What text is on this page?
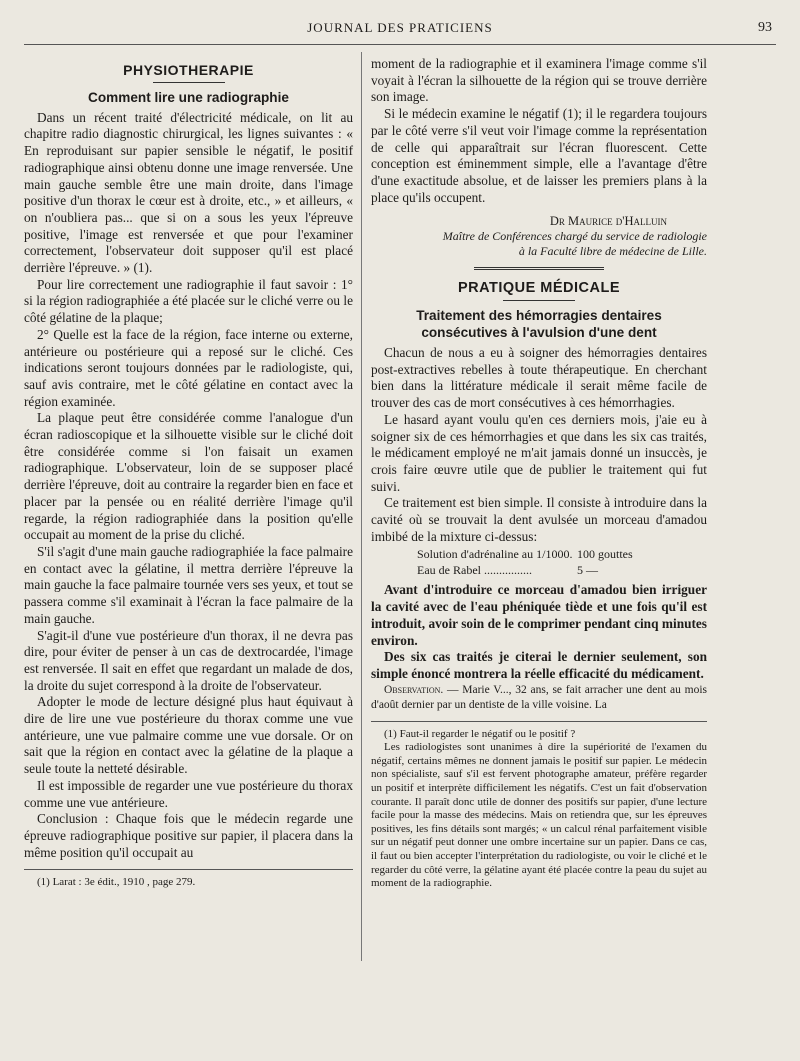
JOURNAL DES PRATICIENS	93
PHYSIOTHERAPIE
Comment lire une radiographie

Dans un récent traité d'électricité médicale, on lit au chapitre radio diagnostic chirurgical, les lignes suivantes : « En reproduisant sur papier sensible le négatif, le positif radiographique ainsi obtenu donne une image renversée. Une main gauche semble être une main droite, dans l'image positive d'un thorax le cœur est à droite, etc., » et ailleurs, « on n'oubliera pas... que si on a sous les yeux l'épreuve positive, l'image est renversée et que pour l'examiner correctement, l'observateur doit supposer qu'il est placé derrière l'épreuve. » (1).

Pour lire correctement une radiographie il faut savoir : 1° si la région radiographiée a été placée sur le cliché verre ou le côté gélatine de la plaque;

2° Quelle est la face de la région, face interne ou externe, antérieure ou postérieure qui a reposé sur le cliché. Ces indications seront toujours données par le radiologiste, qui, sauf avis contraire, met le côté gélatine en contact avec la région examinée.

La plaque peut être considérée comme l'analogue d'un écran radioscopique et la silhouette visible sur le cliché doit être considérée comme si l'on faisait un examen radiographique. L'observateur, loin de se supposer placé derrière l'épreuve, doit au contraire la regarder bien en face et placer par la pensée ou en réalité derrière l'image qu'il regarde, la région radiographiée dans la position qu'elle occupait au moment de la prise du cliché.

S'il s'agit d'une main gauche radiographiée la face palmaire en contact avec la gélatine, il mettra derrière l'épreuve la main gauche la face palmaire tournée vers ses yeux, et tout se passera comme s'il examinait à l'écran la face palmaire de la main gauche.

S'agit-il d'une vue postérieure d'un thorax, il ne devra pas dire, pour éviter de penser à un cas de dextrocardée, l'image est renversée. Il sait en effet que regardant un malade de dos, la droite du sujet correspond à la droite de l'observateur.

Adopter le mode de lecture désigné plus haut équivaut à dire de lire une vue postérieure du thorax comme une vue antérieure, une vue palmaire comme une vue dorsale. Or on sait que la région en contact avec la gélatine de la plaque a seule toute la netteté désirable.

Il est impossible de regarder une vue postérieure du thorax comme une vue antérieure.

Conclusion : Chaque fois que le médecin regarde une épreuve radiographique positive sur papier, il placera dans la même position qu'il occupait au

(1) Larat : 3e édit., 1910 , page 279.

moment de la radiographie et il examinera l'image comme s'il voyait à l'écran la silhouette de la région qui se trouve derrière son image.

Si le médecin examine le négatif (1); il le regardera toujours par le côté verre s'il veut voir l'image comme la représentation de celle qui apparaîtrait sur l'écran fluorescent. Cette conception est éminemment simple, elle a l'avantage d'être d'une exactitude absolue, et de laisser les premiers plans à la place qu'ils occupent.

Dr Maurice d'Halluin
Maître de Conférences chargé du service de radiologie
à la Faculté libre de médecine de Lille.
PRATIQUE MÉDICALE
Traitement des hémorragies dentaires
consécutives à l'avulsion d'une dent

Chacun de nous a eu à soigner des hémorragies dentaires post-extractives rebelles à toute thérapeutique. En cherchant bien dans la littérature médicale il serait même facile de trouver des cas de mort consécutives à ces hémorrhagies.

Le hasard ayant voulu qu'en ces derniers mois, j'aie eu à soigner six de ces hémorrhagies et que dans les six cas traités, le médicament employé ne m'ait jamais donné un insuccès, je crois faire œuvre utile que de publier le traitement qui fut suivi.

Ce traitement est bien simple. Il consiste à introduire dans la cavité où se trouvait la dent avulsée un morceau d'amadou imbibé de la mixture ci-dessus:

Solution d'adrénaline au 1/1000. 100 gouttes
Eau de Rabel ................	5 —

Avant d'introduire ce morceau d'amadou bien irriguer la cavité avec de l'eau phéniquée tiède et une fois qu'il est introduit, avoir soin de le comprimer pendant cinq minutes environ.

Des six cas traités je citerai le dernier seulement, son simple énoncé montrera la réelle efficacité du médicament.

Observation. — Marie V..., 32 ans, se fait arracher une dent au mois d'août dernier par un dentiste de la ville voisine. La

(1) Faut-il regarder le négatif ou le positif ?

Les radiologistes sont unanimes à dire la supériorité de l'examen du négatif, certains mêmes ne donnent jamais le positif sur papier. Le médecin non spécialiste, sauf s'il est fervent photographe amateur, préfère regarder un positif et interprète difficilement les négatifs. C'est un fait d'observation courante. Il paraît donc utile de donner des positifs sur papier, d'une lecture facile pour la masse des médecins. Mais on retiendra que, sur les épreuves positives, les fins détails sont margés; « un calcul rénal parfaitement visible sur un négatif peut donner une ombre incertaine sur un papier. Dans ce cas, il faut ou bien accepter l'interprétation du radiologiste, ou voir le cliché et le regarder du côté verre, la gélatine ayant été placée contre la peau du sujet au moment de la radiographie.
